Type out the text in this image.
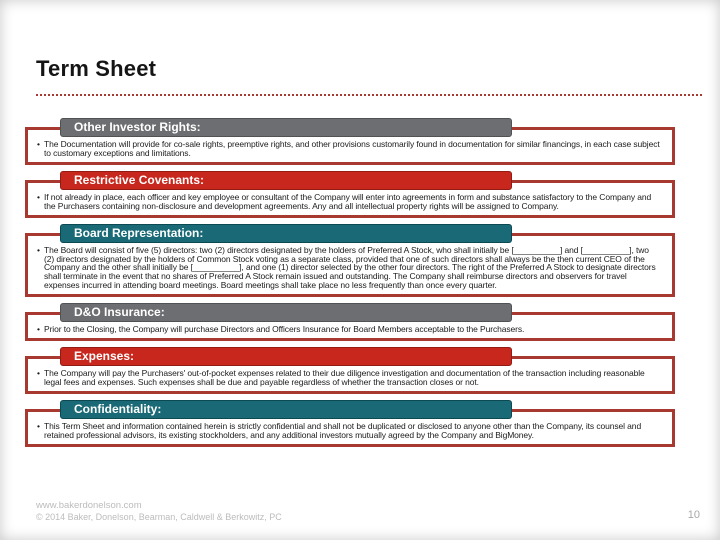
Term Sheet
Other Investor Rights:

• The Documentation will provide for co-sale rights, preemptive rights, and other provisions customarily found in documentation for similar financings, in each case subject to customary exceptions and limitations.

Restrictive Covenants:

• If not already in place, each officer and key employee or consultant of the Company will enter into agreements in form and substance satisfactory to the Company and the Purchasers containing non-disclosure and development agreements. Any and all intellectual property rights will be assigned to Company.

Board Representation:

• The Board will consist of five (5) directors: two (2) directors designated by the holders of Preferred A Stock, who shall initially be [__________] and [__________], two (2) directors designated by the holders of Common Stock voting as a separate class, provided that one of such directors shall always be the then current CEO of the Company and the other shall initially be [__________], and one (1) director selected by the other four directors. The right of the Preferred A Stock to designate directors shall terminate in the event that no shares of Preferred A Stock remain issued and outstanding. The Company shall reimburse directors and observers for travel expenses incurred in attending board meetings. Board meetings shall take place no less frequently than once every quarter.

D&O Insurance:

• Prior to the Closing, the Company will purchase Directors and Officers Insurance for Board Members acceptable to the Purchasers.

Expenses:

• The Company will pay the Purchasers' out-of-pocket expenses related to their due diligence investigation and documentation of the transaction including reasonable legal fees and expenses. Such expenses shall be due and payable regardless of whether the transaction closes or not.

Confidentiality:

• This Term Sheet and information contained herein is strictly confidential and shall not be duplicated or disclosed to anyone other than the Company, its counsel and retained professional advisors, its existing stockholders, and any additional investors mutually agreed by the Company and BigMoney.

www.bakerdonelson.com
© 2014 Baker, Donelson, Bearman, Caldwell & Berkowitz, PC	10
